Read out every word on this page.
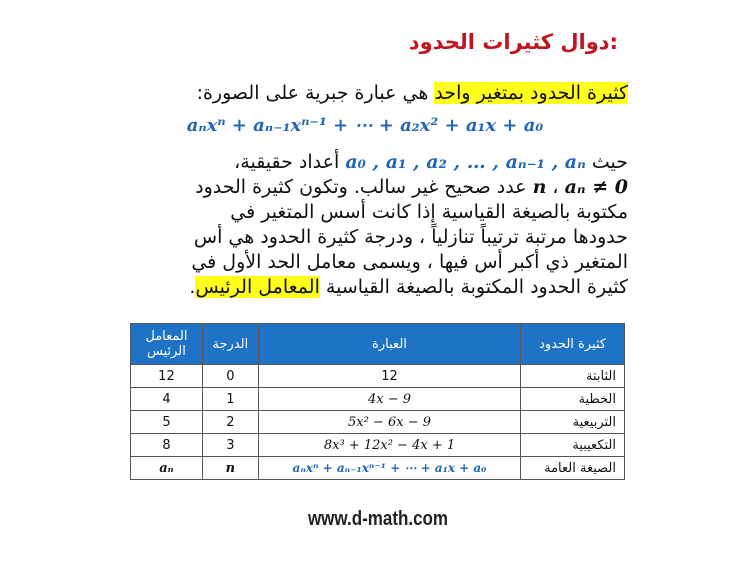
دوال كثيرات الحدود:
كثيرة الحدود بمتغير واحد هي عبارة جبرية على الصورة:
aₙxⁿ + aₙ₋₁xⁿ⁻¹ + ⋯ + a₂x² + a₁x + a₀
حيث a₀ , a₁ , a₂ , … , aₙ₋₁ , aₙ أعداد حقيقية،
aₙ ≠ 0 ، n عدد صحيح غير سالب. وتكون كثيرة الحدود
مكتوبة بالصيغة القياسية إذا كانت أسس المتغير في
حدودها مرتبة ترتيباً تنازلياً ، ودرجة كثيرة الحدود هي أس
المتغير ذي أكبر أس فيها ، ويسمى معامل الحد الأول في
كثيرة الحدود المكتوبة بالصيغة القياسية المعامل الرئيس.
المعامل الرئيس	الدرجة	العبارة	كثيرة الحدود
12	0	12	الثابتة
4	1	4x − 9	الخطية
5	2	5x² − 6x − 9	التربيعية
8	3	8x³ + 12x² − 4x + 1	التكعيبية
aₙ	n	aₙxⁿ + aₙ₋₁xⁿ⁻¹ + ⋯ + a₁x + a₀	الصيغة العامة
www.d-math.com
